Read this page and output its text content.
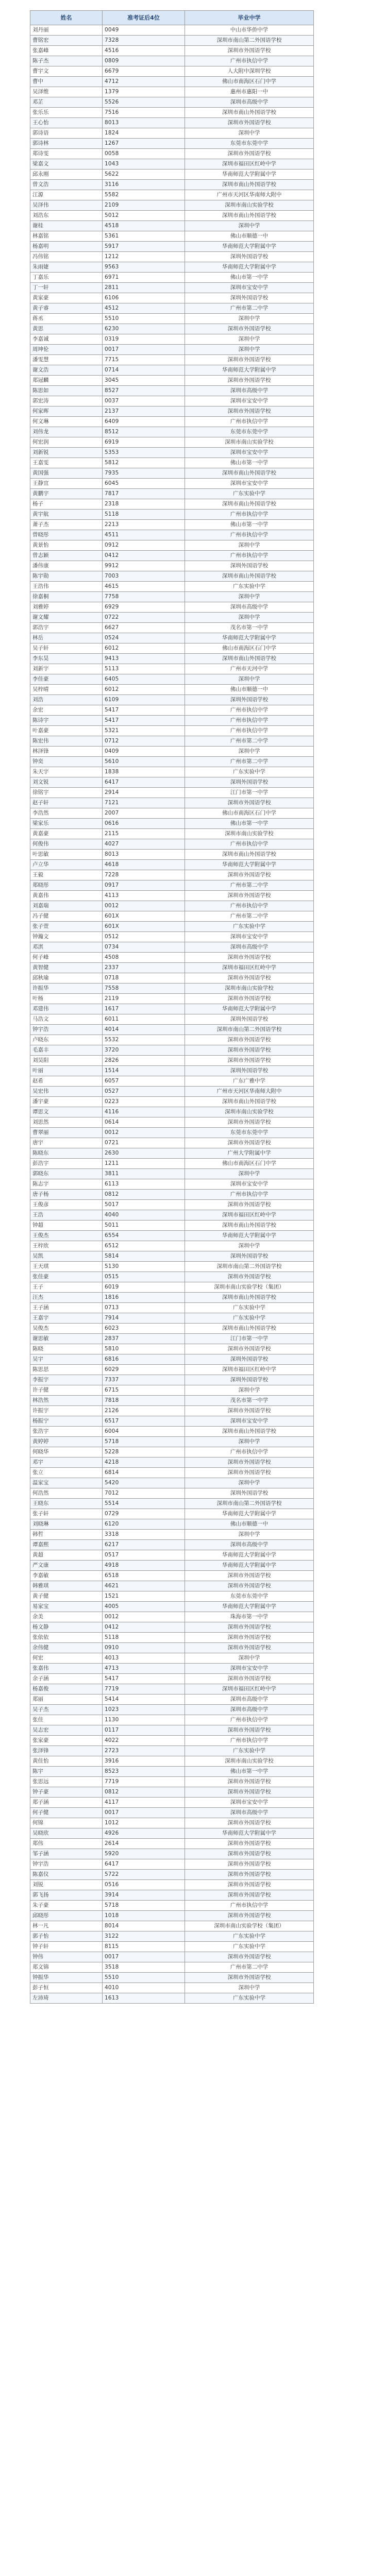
姓名	准考证后4位	毕业中学
刘丹丽	0049	中山市华侨中学
曹铭宏	7328	深圳市南山第二外国语学校
张嘉峰	4516	深圳市外国语学校
陈子杰	0809	广州市执信中学
曹宇文	6679	人大附中深圳学校
曹中	4712	佛山市南海区石门中学
吴泽维	1379	惠州市惠阳一中
邓芷	5526	深圳市高级中学
张乐乐	7516	深圳市南山外国语学校
王心怡	8013	深圳市外国语学校
郭诗语	1824	深圳中学
郭诗林	1267	东莞市东莞中学
郑诗雯	0058	深圳市外国语学校
梁嘉文	1043	深圳市福田区红岭中学
邱永刚	5622	华南师范大学附属中学
曾文浩	3116	深圳市南山外国语学校
江源	5582	广州市天河区华南师大附中
吴泽伟	2109	深圳市南山实验学校
刘浩东	5012	深圳市南山外国语学校
谢桂	4518	深圳中学
林嘉铭	5361	佛山市顺德一中
杨嘉明	5917	华南师范大学附属中学
冯伟铭	1212	深圳外国语学校
朱雨婕	9563	华南师范大学附属中学
丁嘉乐	6971	佛山市第一中学
丁一轩	2811	深圳市宝安中学
黄家豪	6106	深圳外国语学校
黄子睿	4512	广州市第二中学
蒋丞	5510	深圳中学
黄思	6230	深圳市外国语学校
李嘉诚	0319	深圳中学
周坤伦	0017	深圳中学
潘雯慧	7715	深圳市外国语学校
谢文浩	0714	华南师范大学附属中学
郑冠麟	3045	深圳市外国语学校
陈思如	8527	深圳市高级中学
郭宏涛	0037	深圳市宝安中学
何家晖	2137	深圳市外国语学校
何文琳	6409	广州市执信中学
刘伟龙	8512	东莞市东莞中学
何宏润	6919	深圳市南山实验学校
刘新锐	5353	深圳市宝安中学
王嘉雯	5812	佛山市第一中学
黄国强	7935	深圳市南山外国语学校
王静宜	6045	深圳市宝安中学
黄鹏宇	7817	广东实验中学
杨子	2318	深圳市南山外国语学校
黄宇航	5118	广州市执信中学
萧子杰	2213	佛山市第一中学
曾晓彤	4511	广州市执信中学
黄景怡	0912	深圳中学
曾志颖	0412	广州市执信中学
潘伟康	9912	深圳外国语学校
陈宇勋	7003	深圳市南山外国语学校
王浩伟	4615	广东实验中学
徐嘉桐	7758	深圳中学
刘雅婷	6929	深圳市高级中学
谢文耀	0722	深圳中学
郭浩宇	6627	茂名市第一中学
林岳	0524	华南师范大学附属中学
吴子轩	6012	佛山市南海区石门中学
李东昊	9413	深圳市南山外国语学校
刘新宇	5113	广州市天河中学
李佳豪	6405	深圳中学
吴梓晴	6012	佛山市顺德一中
刘浩	6109	深圳外国语学校
余宏	5417	广州市执信中学
陈诗宇	5417	广州市执信中学
叶嘉豪	5321	广州市执信中学
陈宏伟	0712	广州市第二中学
林泽锋	0409	深圳中学
钟奕	5610	广州市第二中学
朱天宇	1838	广东实验中学
刘文锐	6417	深圳外国语学校
徐铭宇	2914	江门市第一中学
赵子轩	7121	深圳市外国语学校
李浩然	2007	佛山市南海区石门中学
梁家乐	0616	佛山市第一中学
黄嘉豪	2115	深圳市南山实验学校
何俊伟	4027	广州市执信中学
叶思敏	8013	深圳市南山外国语学校
卢立华	4618	华南师范大学附属中学
王毅	7228	深圳市外国语学校
郑晓彤	0917	广州市第二中学
黄嘉伟	4113	深圳市外国语学校
刘嘉瑞	0012	广州市执信中学
冯子健	601X	广州市第二中学
张子萱	601X	广东实验中学
钟瀚文	0512	深圳市宝安中学
邓淇	0734	深圳市高级中学
何子峰	4508	深圳市外国语学校
黄智健	2337	深圳市福田区红岭中学
邱秋瑜	0718	深圳市外国语学校
许振华	7558	深圳市南山实验学校
叶杨	2119	深圳市外国语学校
邓建伟	1617	华南师范大学附属中学
马浩文	6011	深圳外国语学校
钟宇浩	4014	深圳市南山第二外国语学校
卢晓东	5532	深圳市外国语学校
毛嘉丰	3720	深圳市外国语学校
刘昊阳	2826	深圳市外国语学校
叶丽	1514	深圳外国语学校
赵希	6057	广东广雅中学
吴宏伟	0527	广州市天河区华南师大附中
潘宇豪	0223	深圳市南山外国语学校
谭思文	4116	深圳市南山实验学校
刘思然	0614	深圳市外国语学校
曹翠丽	0012	东莞市东莞中学
唐宇	0721	深圳市外国语学校
陈晓东	2630	广州大学附属中学
彭浩宇	1211	佛山市南海区石门中学
郭晓东	3811	深圳中学
陈志宇	6113	深圳市宝安中学
唐子杨	0812	广州市执信中学
王俊彦	5017	深圳市外国语学校
王浩	4040	深圳市福田区红岭中学
钟超	5011	深圳市南山外国语学校
王俊杰	6554	华南师范大学附属中学
王梓欣	6512	深圳中学
吴凯	5814	深圳外国语学校
王天琪	5130	深圳市南山第二外国语学校
张佳豪	0515	深圳市外国语学校
王子	6019	深圳市南山实验学校（集团）
汪杰	1816	深圳市南山外国语学校
王子涵	0713	广东实验中学
王嘉宇	7914	广东实验中学
吴俊杰	6023	深圳市南山外国语学校
谢思敏	2837	江门市第一中学
陈晓	5810	深圳市外国语学校
吴宇	6816	深圳外国语学校
陈思思	6029	深圳市福田区红岭中学
李振宇	7337	深圳外国语学校
许子健	6715	深圳中学
林浩然	7818	茂名市第一中学
许振宇	2126	深圳市外国语学校
杨振宁	6517	深圳市宝安中学
张浩宇	6004	深圳市南山外国语学校
黄婷婷	5718	深圳中学
何晓华	5228	广州市执信中学
邓宇	4218	深圳市外国语学校
张立	6814	深圳市外国语学校
温家宝	5420	深圳中学
何浩然	7012	深圳外国语学校
王晓东	5514	深圳市南山第二外国语学校
张子轩	0729	华南师范大学附属中学
刘晓琳	6120	佛山市顺德一中
韩哲	3318	深圳中学
谭嘉熙	6217	深圳市高级中学
黄超	0517	华南师范大学附属中学
严文康	4918	华南师范大学附属中学
李嘉敏	6518	深圳市外国语学校
韩雅琪	4621	深圳市外国语学校
黄子健	1521	东莞市东莞中学
易家宝	4005	华南师范大学附属中学
余美	0012	珠海市第一中学
杨文静	0412	深圳市外国语学校
张依依	5118	深圳市外国语学校
余伟健	0910	深圳市外国语学校
何宏	4013	深圳中学
张嘉伟	4713	深圳市宝安中学
余子涵	5417	深圳市外国语学校
杨嘉俊	7719	深圳市福田区红岭中学
郑丽	5414	深圳市高级中学
吴子杰	1023	深圳市高级中学
张佳	1130	广州市执信中学
吴志宏	0117	深圳市外国语学校
张家豪	4022	广州市执信中学
张泽锋	2723	广东实验中学
黄佳怡	3916	深圳市南山实验学校
陈宇	8523	佛山市第一中学
张思远	7719	深圳市外国语学校
钟子豪	0812	深圳市外国语学校
郑子涵	4117	深圳市宝安中学
何子健	0017	深圳市高级中学
何锦	1012	深圳市外国语学校
吴晓欣	4926	华南师范大学附属中学
郑伟	2614	深圳市外国语学校
邹子涵	5920	深圳市外国语学校
钟宇浩	6417	深圳市外国语学校
陈嘉仪	5722	深圳市外国语学校
刘锐	0516	深圳市外国语学校
郭飞扬	3914	深圳市外国语学校
朱子豪	5718	广州市执信中学
邱晓彤	1018	深圳市外国语学校
林一凡	8014	深圳市南山实验学校（集团）
郭子怡	3122	广东实验中学
钟子轩	8115	广东实验中学
钟伟	0017	深圳市外国语学校
郑文锦	3518	广州市第二中学
钟振华	5510	深圳市外国语学校
彭子恒	4010	深圳中学
左沛琦	1613	广东实验中学
